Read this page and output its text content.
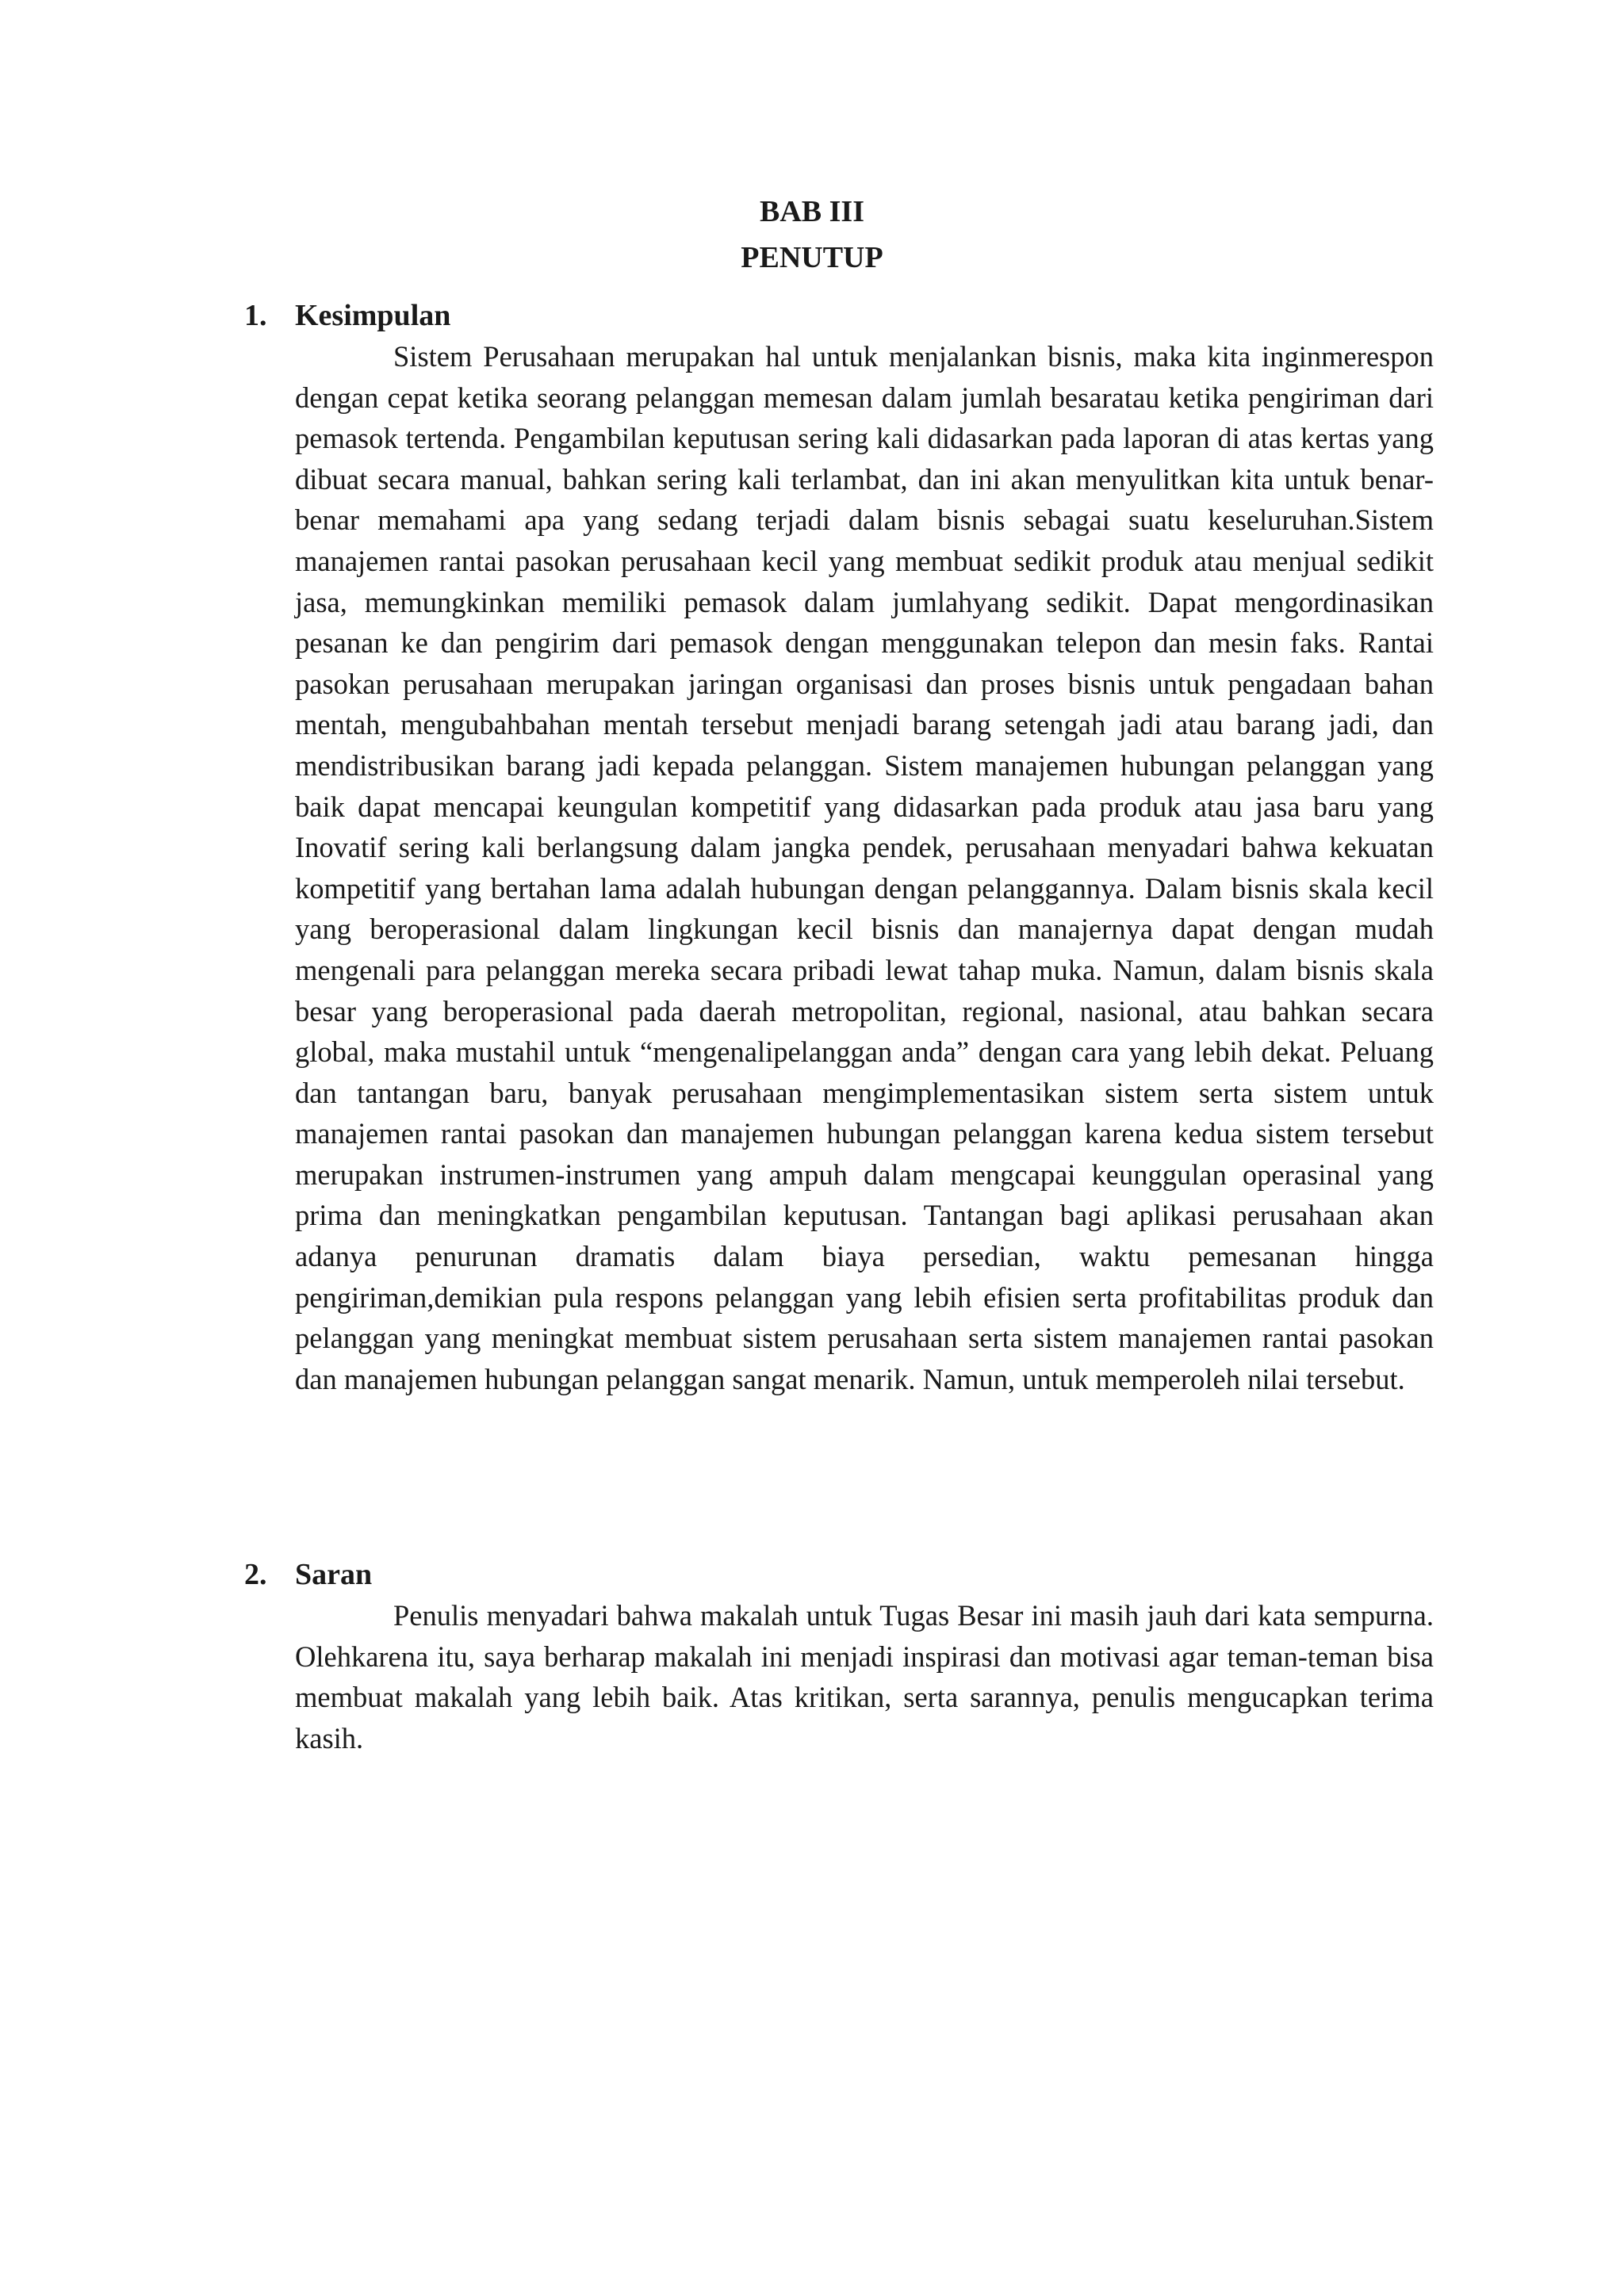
BAB III
PENUTUP
1. Kesimpulan
Sistem Perusahaan merupakan hal untuk menjalankan bisnis, maka kita inginmerespon dengan cepat ketika seorang pelanggan memesan dalam jumlah besaratau ketika pengiriman dari pemasok tertenda. Pengambilan keputusan sering kali didasarkan pada laporan di atas kertas yang dibuat secara manual, bahkan sering kali terlambat, dan ini akan menyulitkan kita untuk benar-benar memahami apa yang sedang terjadi dalam bisnis sebagai suatu keseluruhan.Sistem manajemen rantai pasokan perusahaan kecil yang membuat sedikit produk atau menjual sedikit jasa, memungkinkan memiliki pemasok dalam jumlahyang sedikit. Dapat mengordinasikan pesanan ke dan pengirim dari pemasok dengan menggunakan telepon dan mesin faks. Rantai pasokan perusahaan merupakan jaringan organisasi dan proses bisnis untuk pengadaan bahan mentah, mengubahbahan mentah tersebut menjadi barang setengah jadi atau barang jadi, dan mendistribusikan barang jadi kepada pelanggan. Sistem manajemen hubungan pelanggan yang baik dapat mencapai keungulan kompetitif yang didasarkan pada produk atau jasa baru yang Inovatif sering kali berlangsung dalam jangka pendek, perusahaan menyadari bahwa kekuatan kompetitif yang bertahan lama adalah hubungan dengan pelanggannya. Dalam bisnis skala kecil yang beroperasional dalam lingkungan kecil bisnis dan manajernya dapat dengan mudah mengenali para pelanggan mereka secara pribadi lewat tahap muka. Namun, dalam bisnis skala besar yang beroperasional pada daerah metropolitan, regional, nasional, atau bahkan secara global, maka mustahil untuk “mengenalipelanggan anda” dengan cara yang lebih dekat. Peluang dan tantangan baru, banyak perusahaan mengimplementasikan sistem serta sistem untuk manajemen rantai pasokan dan manajemen hubungan pelanggan karena kedua sistem tersebut merupakan instrumen-instrumen yang ampuh dalam mengcapai keunggulan operasinal yang prima dan meningkatkan pengambilan keputusan. Tantangan bagi aplikasi perusahaan akan adanya penurunan dramatis dalam biaya persedian, waktu pemesanan hingga pengiriman,demikian pula respons pelanggan yang lebih efisien serta profitabilitas produk dan pelanggan yang meningkat membuat sistem perusahaan serta sistem manajemen rantai pasokan dan manajemen hubungan pelanggan sangat menarik. Namun, untuk memperoleh nilai tersebut.
2. Saran
Penulis menyadari bahwa makalah untuk Tugas Besar ini masih jauh dari kata sempurna. Olehkarena itu, saya berharap makalah ini menjadi inspirasi dan motivasi agar teman-teman bisa membuat makalah yang lebih baik. Atas kritikan, serta sarannya, penulis mengucapkan terima kasih.
